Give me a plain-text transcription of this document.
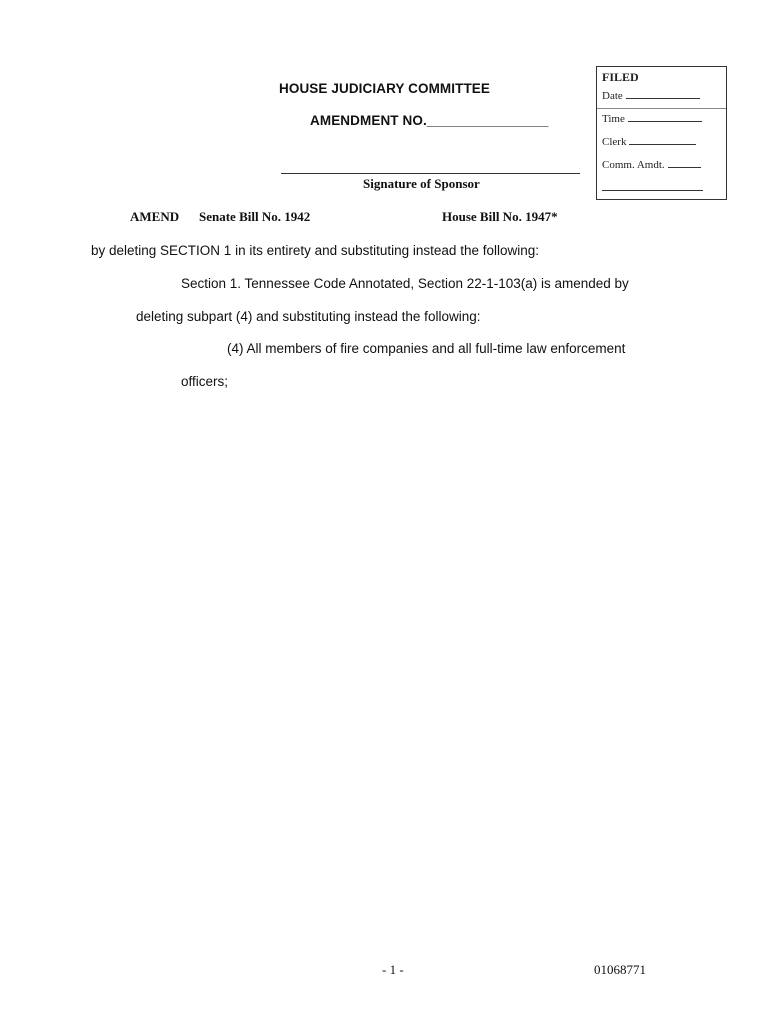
HOUSE JUDICIARY COMMITTEE
AMENDMENT NO.________________
FILED
Date
Time
Clerk
Comm. Amdt.
Signature of Sponsor
AMEND Senate Bill No. 1942	House Bill No. 1947*
by deleting SECTION 1 in its entirety and substituting instead the following:
Section 1. Tennessee Code Annotated, Section 22-1-103(a) is amended by
deleting subpart (4) and substituting instead the following:
(4) All members of fire companies and all full-time law enforcement
officers;
- 1 -	01068771
